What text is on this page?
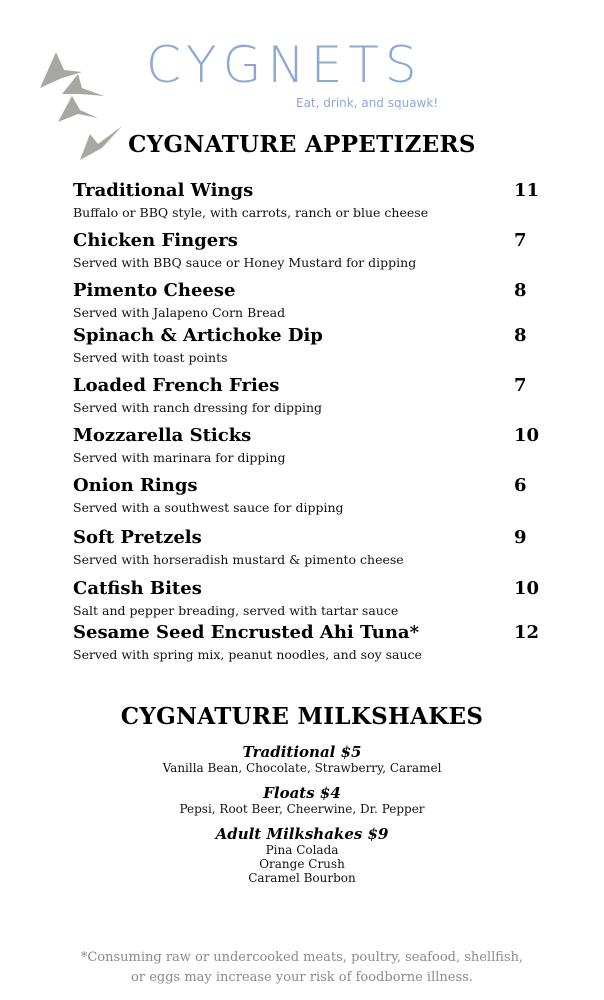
CYGNETS
Eat, drink, and squawk!
CYGNATURE APPETIZERS
Traditional Wings	11
Buffalo or BBQ style, with carrots, ranch or blue cheese
Chicken Fingers	7
Served with BBQ sauce or Honey Mustard for dipping
Pimento Cheese	8
Served with Jalapeno Corn Bread
Spinach & Artichoke Dip	8
Served with toast points
Loaded French Fries	7
Served with ranch dressing for dipping
Mozzarella Sticks	10
Served with marinara for dipping
Onion Rings	6
Served with a southwest sauce for dipping
Soft Pretzels	9
Served with horseradish mustard & pimento cheese
Catfish Bites	10
Salt and pepper breading, served with tartar sauce
Sesame Seed Encrusted Ahi Tuna*	12
Served with spring mix, peanut noodles, and soy sauce
CYGNATURE MILKSHAKES
Traditional $5
Vanilla Bean, Chocolate, Strawberry, Caramel
Floats $4
Pepsi, Root Beer, Cheerwine, Dr. Pepper
Adult Milkshakes $9
Pina Colada
Orange Crush
Caramel Bourbon
*Consuming raw or undercooked meats, poultry, seafood, shellfish,
or eggs may increase your risk of foodborne illness.
